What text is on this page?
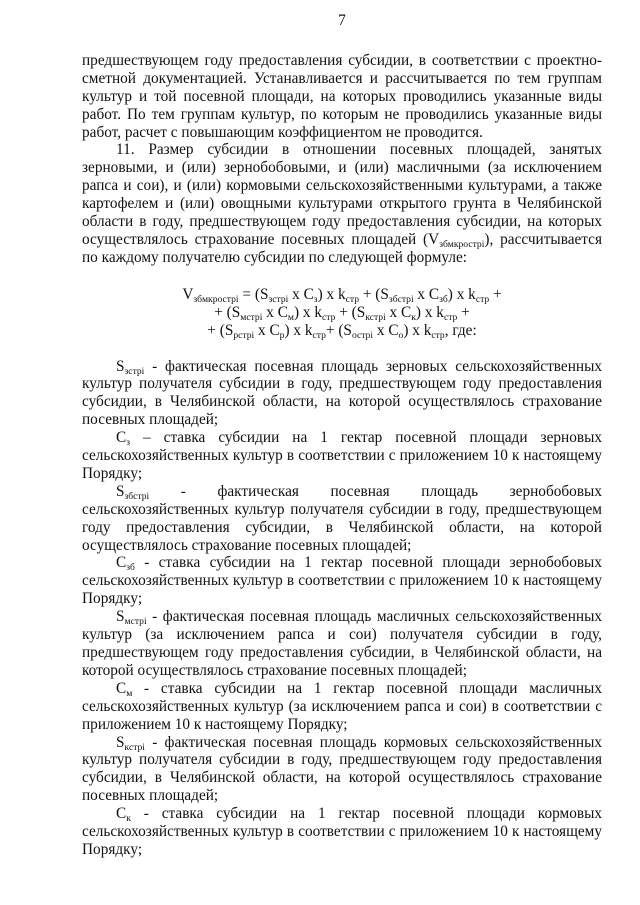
7

предшествующем году предоставления субсидии, в соответствии с проектно-сметной документацией. Устанавливается и рассчитывается по тем группам культур и той посевной площади, на которых проводились указанные виды работ. По тем группам культур, по которым не проводились указанные виды работ, расчет с повышающим коэффициентом не проводится.

11. Размер субсидии в отношении посевных площадей, занятых зерновыми, и (или) зернобобовыми, и (или) масличными (за исключением рапса и сои), и (или) кормовыми сельскохозяйственными культурами, а также картофелем и (или) овощными культурами открытого грунта в Челябинской области в году, предшествующем году предоставления субсидии, на которых осуществлялось страхование посевных площадей $(V_{збмкрострі})$, рассчитывается по каждому получателю субсидии по следующей формуле:

$V_{збмкрострі} = (S_{зстрі}$ x $C_з$) x $k_{стр} + (S_{збстрі}$ x $C_{зб}$) x $k_{стр}$ +
+ ($S_{мстрі}$ x $C_м$) x $k_{стр} + (S_{кстрі}$ x $C_к$) x $k_{стр}$ +
+ ($S_{рстрі}$ x $C_р$) x $k_{стр}+ (S_{острі}$ x $C_о$) x $k_{стр}$, где:

$S_{зстрі}$ - фактическая посевная площадь зерновых сельскохозяйственных культур получателя субсидии в году, предшествующем году предоставления субсидии, в Челябинской области, на которой осуществлялось страхование посевных площадей;

$C_з$ – ставка субсидии на 1 гектар посевной площади зерновых сельскохозяйственных культур в соответствии с приложением 10 к настоящему Порядку;

$S_{збстрі}$ - фактическая посевная площадь зернобобовых

сельскохозяйственных культур получателя субсидии в году, предшествующем году предоставления субсидии, в Челябинской области, на которой осуществлялось страхование посевных площадей;

$C_{зб}$ - ставка субсидии на 1 гектар посевной площади зернобобовых сельскохозяйственных культур в соответствии с приложением 10 к настоящему Порядку;

$S_{мстрі}$ - фактическая посевная площадь масличных сельскохозяйственных культур (за исключением рапса и сои) получателя субсидии в году, предшествующем году предоставления субсидии, в Челябинской области, на которой осуществлялось страхование посевных площадей;

$C_м$ - ставка субсидии на 1 гектар посевной площади масличных сельскохозяйственных культур (за исключением рапса и сои) в соответствии с приложением 10 к настоящему Порядку;

$S_{кстрі}$ - фактическая посевная площадь кормовых сельскохозяйственных культур получателя субсидии в году, предшествующем году предоставления субсидии, в Челябинской области, на которой осуществлялось страхование посевных площадей;

$C_к$ - ставка субсидии на 1 гектар посевной площади кормовых сельскохозяйственных культур в соответствии с приложением 10 к настоящему Порядку;
